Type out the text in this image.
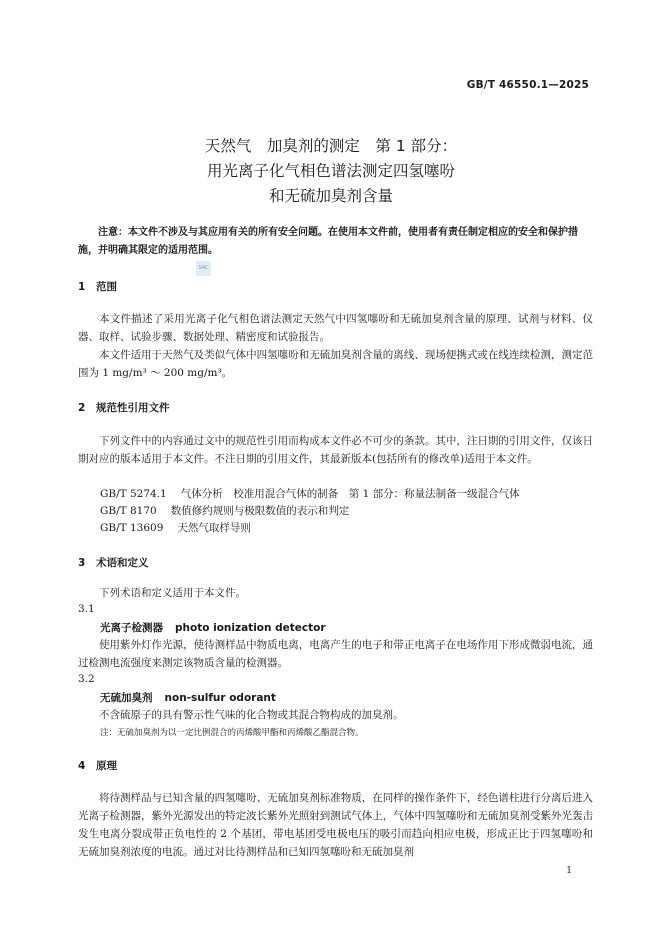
GB/T 46550.1—2025
天然气　加臭剂的测定　第 1 部分：
用光离子化气相色谱法测定四氢噻吩
和无硫加臭剂含量
注意：本文件不涉及与其应用有关的所有安全问题。在使用本文件前，使用者有责任制定相应的安全和保护措施，并明确其限定的适用范围。
SAC
1 范围
本文件描述了采用光离子化气相色谱法测定天然气中四氢噻吩和无硫加臭剂含量的原理、试剂与材料、仪器、取样、试验步骤、数据处理、精密度和试验报告。
本文件适用于天然气及类似气体中四氢噻吩和无硫加臭剂含量的离线、现场便携式或在线连续检测，测定范围为 1 mg/m³ ～ 200 mg/m³。
2 规范性引用文件
下列文件中的内容通过文中的规范性引用而构成本文件必不可少的条款。其中，注日期的引用文件，仅该日期对应的版本适用于本文件。不注日期的引用文件，其最新版本(包括所有的修改单)适用于本文件。
GB/T 5274.1 气体分析　校准用混合气体的制备　第 1 部分：称量法制备一级混合气体
GB/T 8170 数值修约规则与极限数值的表示和判定
GB/T 13609 天然气取样导则
3 术语和定义
下列术语和定义适用于本文件。
3.1
光离子检测器 photo ionization detector
使用紫外灯作光源，使待测样品中物质电离，电离产生的电子和带正电离子在电场作用下形成微弱电流，通过检测电流强度来测定该物质含量的检测器。
3.2
无硫加臭剂 non-sulfur odorant
不含硫原子的具有警示性气味的化合物或其混合物构成的加臭剂。
注：无硫加臭剂为以一定比例混合的丙烯酸甲酯和丙烯酸乙酯混合物。
4 原理
将待测样品与已知含量的四氢噻吩、无硫加臭剂标准物质，在同样的操作条件下，经色谱柱进行分离后进入光离子检测器，紫外光源发出的特定波长紫外光照射到测试气体上，气体中四氢噻吩和无硫加臭剂受紫外光轰击发生电离分裂成带正负电性的 2 个基团，带电基团受电极电压的吸引而趋向相应电极，形成正比于四氢噻吩和无硫加臭剂浓度的电流。通过对比待测样品和已知四氢噻吩和无硫加臭剂
1
